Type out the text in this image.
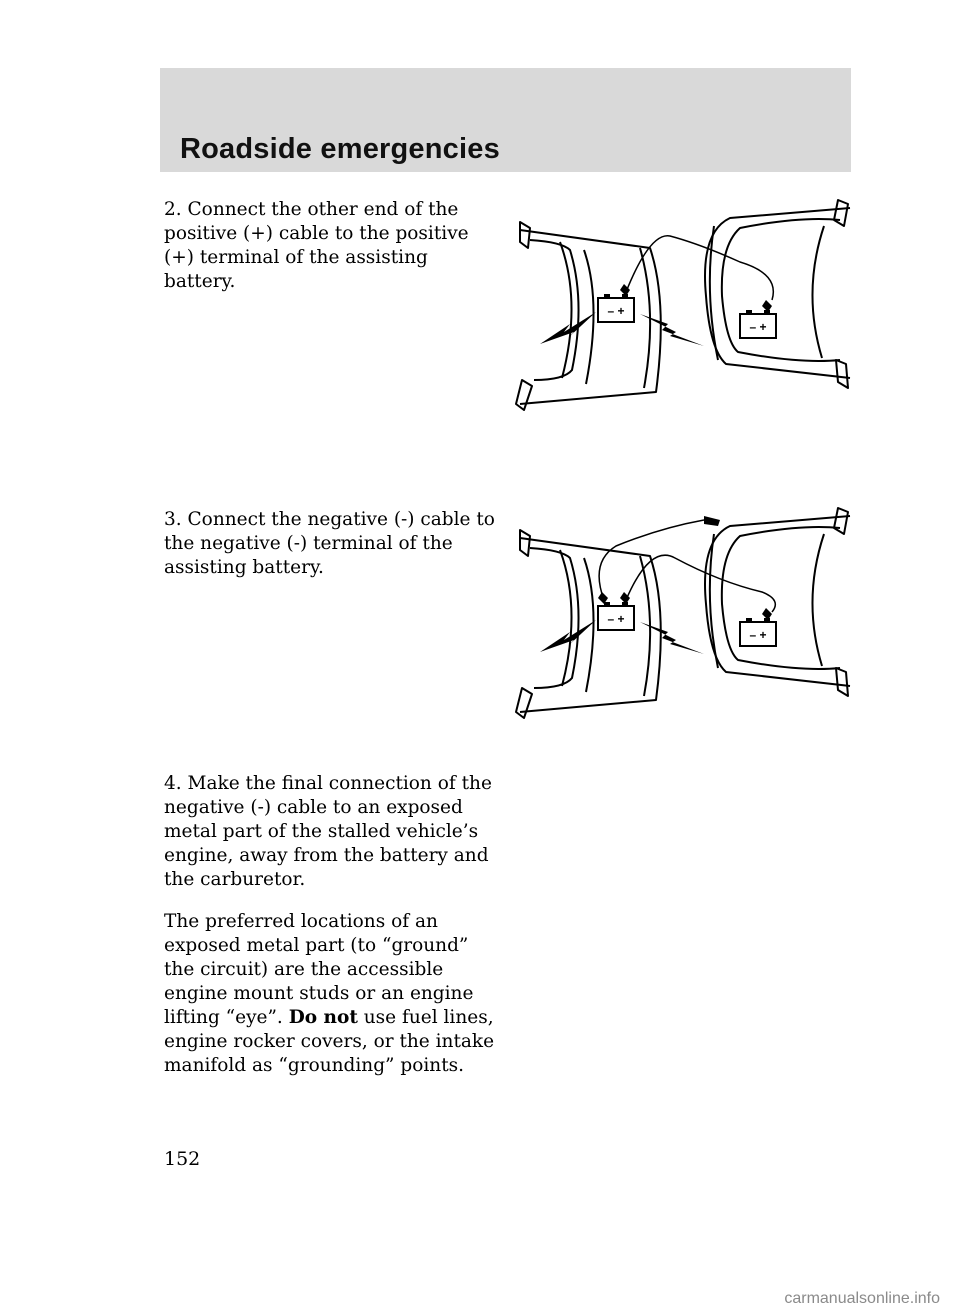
Roadside emergencies

2. Connect the other end of the positive (+) cable to the positive (+) terminal of the assisting battery.

3. Connect the negative (-) cable to the negative (-) terminal of the assisting battery.

4. Make the final connection of the negative (-) cable to an exposed metal part of the stalled vehicle’s engine, away from the battery and the carburetor.

The preferred locations of an exposed metal part (to “ground” the circuit) are the accessible engine mount studs or an engine lifting “eye”. Do not use fuel lines, engine rocker covers, or the intake manifold as “grounding” points.

– +
– +
– +
– +
152
carmanualsonline.info
